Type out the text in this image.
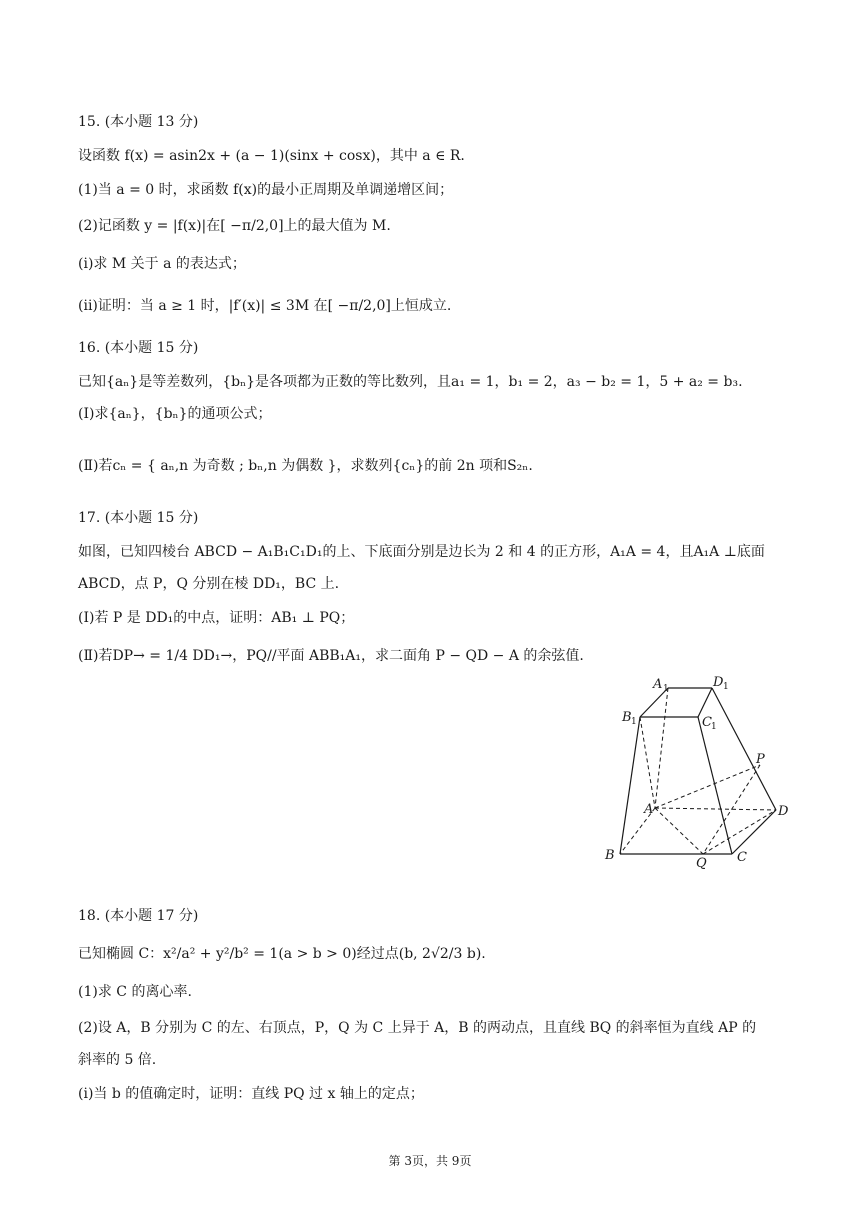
15. (本小题 13 分)
设函数 f(x) = asin2x + (a − 1)(sinx + cosx)，其中 a ∈ R.
(1)当 a = 0 时，求函数 f(x)的最小正周期及单调递增区间；
(2)记函数 y = |f(x)|在[ −π/2,0]上的最大值为 M.
(i)求 M 关于 a 的表达式；
(ii)证明：当 a ≥ 1 时，|f′(x)| ≤ 3M 在[ −π/2,0]上恒成立.
16. (本小题 15 分)
已知{aₙ}是等差数列，{bₙ}是各项都为正数的等比数列，且a₁ = 1，b₁ = 2，a₃ − b₂ = 1，5 + a₂ = b₃.
(Ⅰ)求{aₙ}，{bₙ}的通项公式；
(Ⅱ)若cₙ = { aₙ,n 为奇数 ; bₙ,n 为偶数 }，求数列{cₙ}的前 2n 项和S₂ₙ.
17. (本小题 15 分)
如图，已知四棱台 ABCD − A₁B₁C₁D₁的上、下底面分别是边长为 2 和 4 的正方形，A₁A = 4，且A₁A ⊥底面
ABCD，点 P，Q 分别在棱 DD₁，BC 上.
(Ⅰ)若 P 是 DD₁的中点，证明：AB₁ ⊥ PQ；
(Ⅱ)若DP→ = 1/4 DD₁→，PQ//平面 ABB₁A₁，求二面角 P − QD − A 的余弦值.
A 1	D 1
B 1	C 1
P
A	D
B
Q C
18. (本小题 17 分)
已知椭圆 C：x²/a² + y²/b² = 1(a > b > 0)经过点(b, 2√2/3 b).
(1)求 C 的离心率.
(2)设 A，B 分别为 C 的左、右顶点，P，Q 为 C 上异于 A，B 的两动点，且直线 BQ 的斜率恒为直线 AP 的
斜率的 5 倍.
(i)当 b 的值确定时，证明：直线 PQ 过 x 轴上的定点；
第 3页，共 9页
